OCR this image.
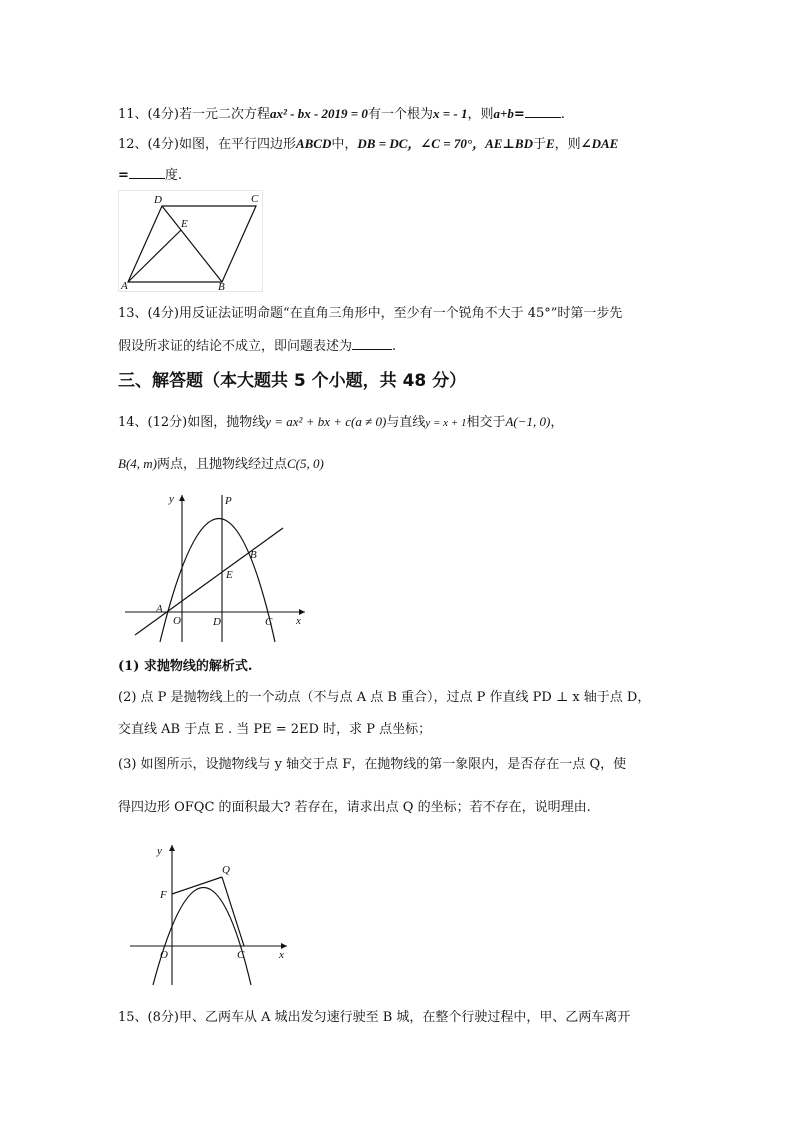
11、(4分)若一元二次方程ax² - bx - 2019 = 0有一个根为x = - 1，则a+b=	.
12、(4分)如图，在平行四边形ABCD中，DB = DC，∠C = 70°，AE⊥BD于E，则∠DAE
=	度.
A	B
C
D
E
13、(4分)用反证法证明命题“在直角三角形中，至少有一个锐角不大于 45°”时第一步先
假设所求证的结论不成立，即问题表述为	.
三、解答题（本大题共 5 个小题，共 48 分）
14、(12分)如图，抛物线y = ax² + bx + c(a ≠ 0)与直线y = x + 1相交于A(−1, 0)，
B(4, m)两点，且抛物线经过点C(5, 0)
y	P
B
E
A
O	D	C x
(1) 求抛物线的解析式.
(2) 点 P 是抛物线上的一个动点（不与点 A 点 B 重合），过点 P 作直线 PD ⊥ x 轴于点 D，
交直线 AB 于点 E . 当 PE = 2ED 时，求 P 点坐标；
(3) 如图所示，设抛物线与 y 轴交于点 F，在抛物线的第一象限内，是否存在一点 Q，使
得四边形 OFQC 的面积最大? 若存在，请求出点 Q 的坐标；若不存在，说明理由.
y
F
Q
O	C	x
15、(8分)甲、乙两车从 A 城出发匀速行驶至 B 城，在整个行驶过程中，甲、乙两车离开
